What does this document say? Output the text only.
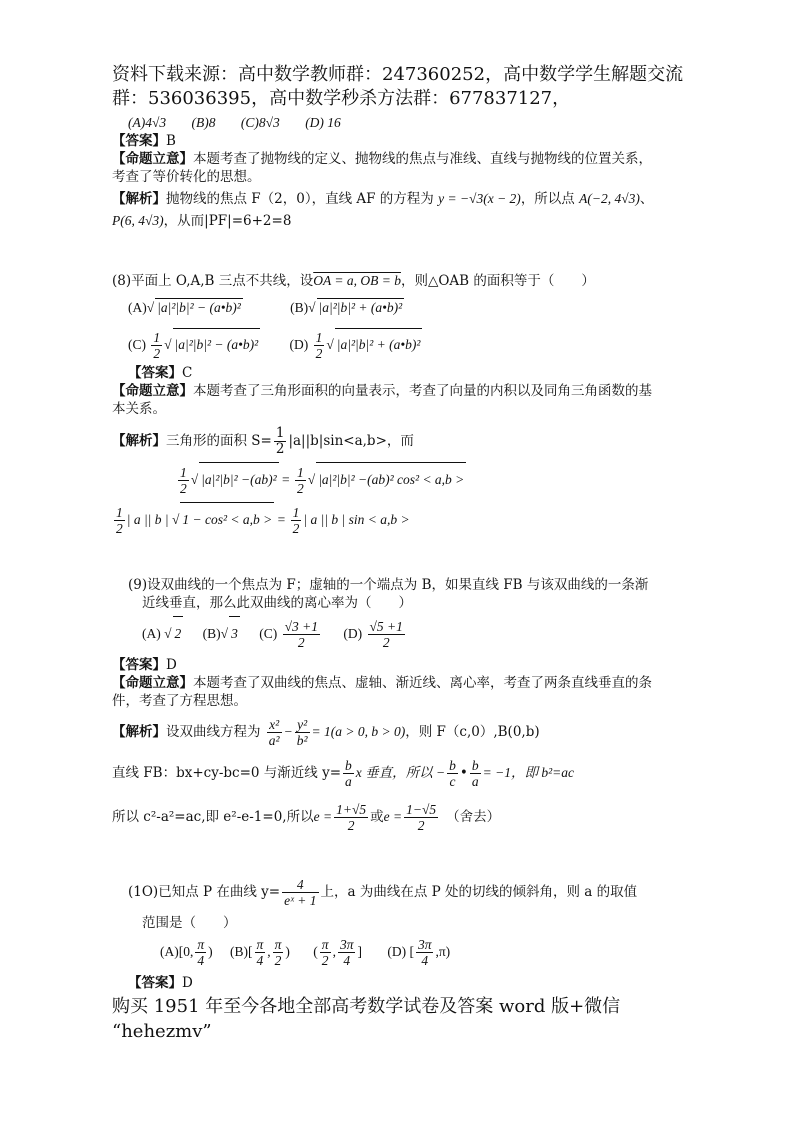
资料下载来源：高中数学教师群：247360252，高中数学学生解题交流
群：536036395，高中数学秒杀方法群：677837127，
(A)4√3 (B)8 (C)8√3 (D) 16
【答案】B
【命题立意】本题考查了抛物线的定义、抛物线的焦点与准线、直线与抛物线的位置关系，
考查了等价转化的思想。
【解析】抛物线的焦点 F（2，0），直线 AF 的方程为 y = −√3(x − 2)，所以点 A(−2, 4√3)、
P(6, 4√3)，从而|PF|=6+2=8
(8)平面上 O,A,B 三点不共线，设OA = a, OB = b，则△OAB 的面积等于（　　）
(A) √ |a|²|b|² − (a•b)²	(B) √ |a|²|b|² + (a•b)²
$(C) \frac{1}{2}$ √ |a|²|b|² − (a•b)² $(D) \frac{1}{2}$ √ |a|²|b|² + (a•b)²
【答案】C
【命题立意】本题考查了三角形面积的向量表示，考查了向量的内积以及同角三角函数的基
本关系。
【解析】三角形的面积 $S= \frac{1}{2} |a||b|\sin<a,b>$，而
$\frac{1}{2}$ √ $|a|^2|b|^2 -(ab)^2 = \frac{1}{2}$ √ |a|²|b|² −(ab)² cos² < a,b >
$\frac{1}{2}$ | a || b | √ 1 − cos² < a,b > = $\frac{1}{2}$ | a || b | sin < a,b >
(9)设双曲线的一个焦点为 F；虚轴的一个端点为 B，如果直线 FB 与该双曲线的一条渐
近线垂直，那么此双曲线的离心率为（　　）
(A) √ 2 (B) √ 3 $(C) \frac{√3 +1}{2} (D) \frac{√5 +1}{2}$
【答案】D
【命题立意】本题考查了双曲线的焦点、虚轴、渐近线、离心率，考查了两条直线垂直的条
件，考查了方程思想。
【解析】设双曲线方程为 $\frac{\text{x²}}{\text{a²}} - \frac{\text{y²}}{\text{b²}} = 1(a > 0$, b > 0)，则 F（c,0）,B(0,b)
直线 FB：bx+cy-bc=0 与渐近线 $y= \frac{b}{a}$ x 垂直，所以 − $\frac{b}{c}$ • $\frac{b}{a} = -1$，即 b²=ac
所以 c²-a²=ac,即 e²-e-1=0,所以$e = \frac{1+√5}{2}$ 或$e = \frac{1-√5}{2}$ （舍去）
(1O)已知点 P 在曲线 $y= \frac{4}{\text{eˣ + 1}}$ 上，a 为曲线在点 P 处的切线的倾斜角，则 a 的取值
范围是（　　）
(A)[0, $\frac{\pi}{4}$ ) $(B)[ \frac{\pi}{4}$ , $\frac{\pi}{2}$ ) ( $\frac{\pi}{2}$ , $\frac{3\pi}{4}$ ] (D) [ $\frac{3\pi}{4} ,\pi$)
【答案】D
购买 1951 年至今各地全部高考数学试卷及答案 word 版+微信
“hehezmv”
